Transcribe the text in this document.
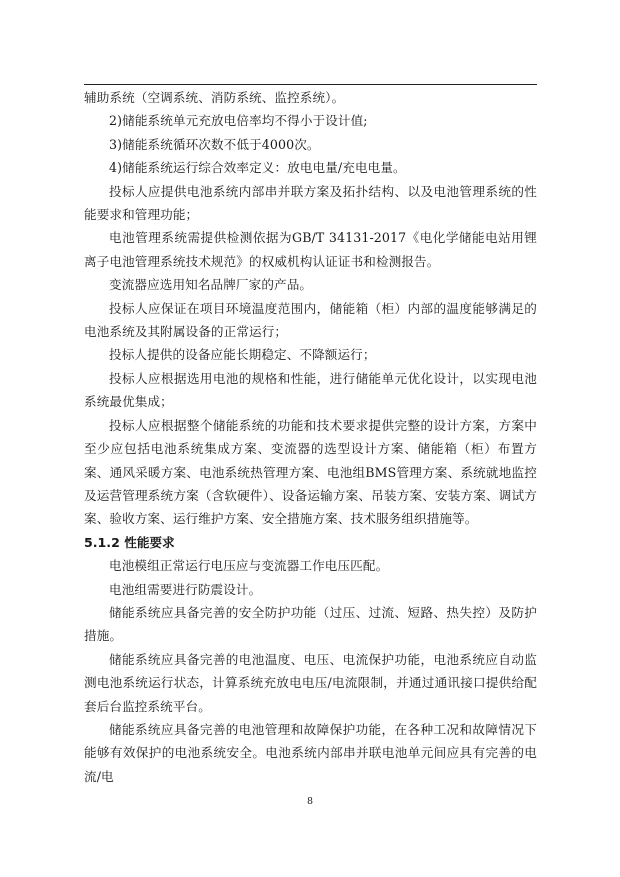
辅助系统（空调系统、消防系统、监控系统）。

2)储能系统单元充放电倍率均不得小于设计值;

3)储能系统循环次数不低于4000次。

4)储能系统运行综合效率定义：放电电量/充电电量。

投标人应提供电池系统内部串并联方案及拓扑结构、以及电池管理系统的性能要求和管理功能；

电池管理系统需提供检测依据为GB/T 34131-2017《电化学储能电站用锂离子电池管理系统技术规范》的权威机构认证证书和检测报告。

变流器应选用知名品牌厂家的产品。

投标人应保证在项目环境温度范围内，储能箱（柜）内部的温度能够满足的电池系统及其附属设备的正常运行；

投标人提供的设备应能长期稳定、不降额运行；

投标人应根据选用电池的规格和性能，进行储能单元优化设计，以实现电池系统最优集成；

投标人应根据整个储能系统的功能和技术要求提供完整的设计方案，方案中至少应包括电池系统集成方案、变流器的选型设计方案、储能箱（柜）布置方案、通风采暖方案、电池系统热管理方案、电池组BMS管理方案、系统就地监控及运营管理系统方案（含软硬件）、设备运输方案、吊装方案、安装方案、调试方案、验收方案、运行维护方案、安全措施方案、技术服务组织措施等。

5.1.2 性能要求

电池模组正常运行电压应与变流器工作电压匹配。

电池组需要进行防震设计。

储能系统应具备完善的安全防护功能（过压、过流、短路、热失控）及防护措施。

储能系统应具备完善的电池温度、电压、电流保护功能，电池系统应自动监测电池系统运行状态，计算系统充放电电压/电流限制，并通过通讯接口提供给配套后台监控系统平台。

储能系统应具备完善的电池管理和故障保护功能，在各种工况和故障情况下能够有效保护的电池系统安全。电池系统内部串并联电池单元间应具有完善的电流/电

8
